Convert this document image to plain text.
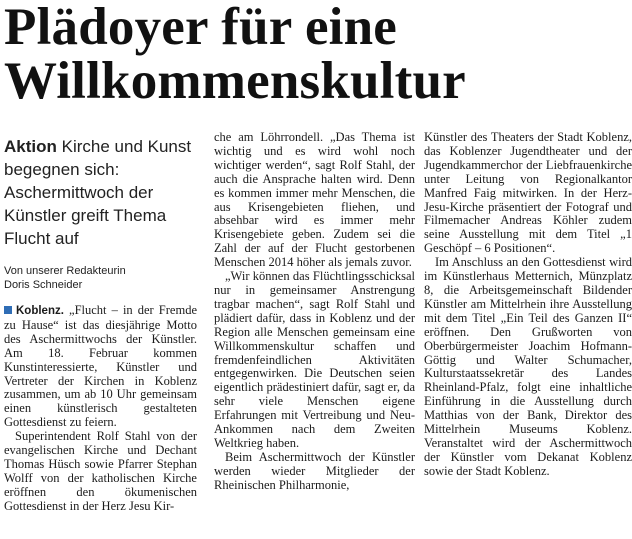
Plädoyer für eine
Willkommenskultur
Aktion Kirche und Kunst begegnen sich: Aschermittwoch der Künstler greift Thema Flucht auf
Von unserer Redakteurin
Doris Schneider

Koblenz. „Flucht – in der Fremde zu Hause“ ist das diesjährige Motto des Aschermittwochs der Künstler. Am 18. Februar kommen Kunstinteressierte, Künstler und Vertreter der Kirchen in Koblenz zusammen, um ab 10 Uhr gemeinsam einen künstlerisch gestalteten Gottesdienst zu feiern.

Superintendent Rolf Stahl von der evangelischen Kirche und Dechant Thomas Hüsch sowie Pfarrer Stephan Wolff von der katholischen Kirche eröffnen den ökumenischen Gottesdienst in der Herz Jesu Kir-

che am Löhrrondell. „Das Thema ist wichtig und es wird wohl noch wichtiger werden“, sagt Rolf Stahl, der auch die Ansprache halten wird. Denn es kommen immer mehr Menschen, die aus Krisengebieten fliehen, und absehbar wird es immer mehr Krisengebiete geben. Zudem sei die Zahl der auf der Flucht gestorbenen Menschen 2014 höher als jemals zuvor.

„Wir können das Flüchtlingsschicksal nur in gemeinsamer Anstrengung tragbar machen“, sagt Rolf Stahl und plädiert dafür, dass in Koblenz und der Region alle Menschen gemeinsam eine Willkommenskultur schaffen und fremdenfeindlichen Aktivitäten entgegenwirken. Die Deutschen seien eigentlich prädestiniert dafür, sagt er, da sehr viele Menschen eigene Erfahrungen mit Vertreibung und Neu-Ankommen nach dem Zweiten Weltkrieg haben.

Beim Aschermittwoch der Künstler werden wieder Mitglieder der Rheinischen Philharmonie,

Künstler des Theaters der Stadt Koblenz, das Koblenzer Jugendtheater und der Jugendkammerchor der Liebfrauenkirche unter Leitung von Regionalkantor Manfred Faig mitwirken. In der Herz-Jesu-Kirche präsentiert der Fotograf und Filmemacher Andreas Köhler zudem seine Ausstellung mit dem Titel „1 Geschöpf – 6 Positionen“.

Im Anschluss an den Gottesdienst wird im Künstlerhaus Metternich, Münzplatz 8, die Arbeitsgemeinschaft Bildender Künstler am Mittelrhein ihre Ausstellung mit dem Titel „Ein Teil des Ganzen II“ eröffnen. Den Grußworten von Oberbürgermeister Joachim Hofmann-Göttig und Walter Schumacher, Kulturstaatssekretär des Landes Rheinland-Pfalz, folgt eine inhaltliche Einführung in die Ausstellung durch Matthias von der Bank, Direktor des Mittelrhein Museums Koblenz. Veranstaltet wird der Aschermittwoch der Künstler vom Dekanat Koblenz sowie der Stadt Koblenz.
